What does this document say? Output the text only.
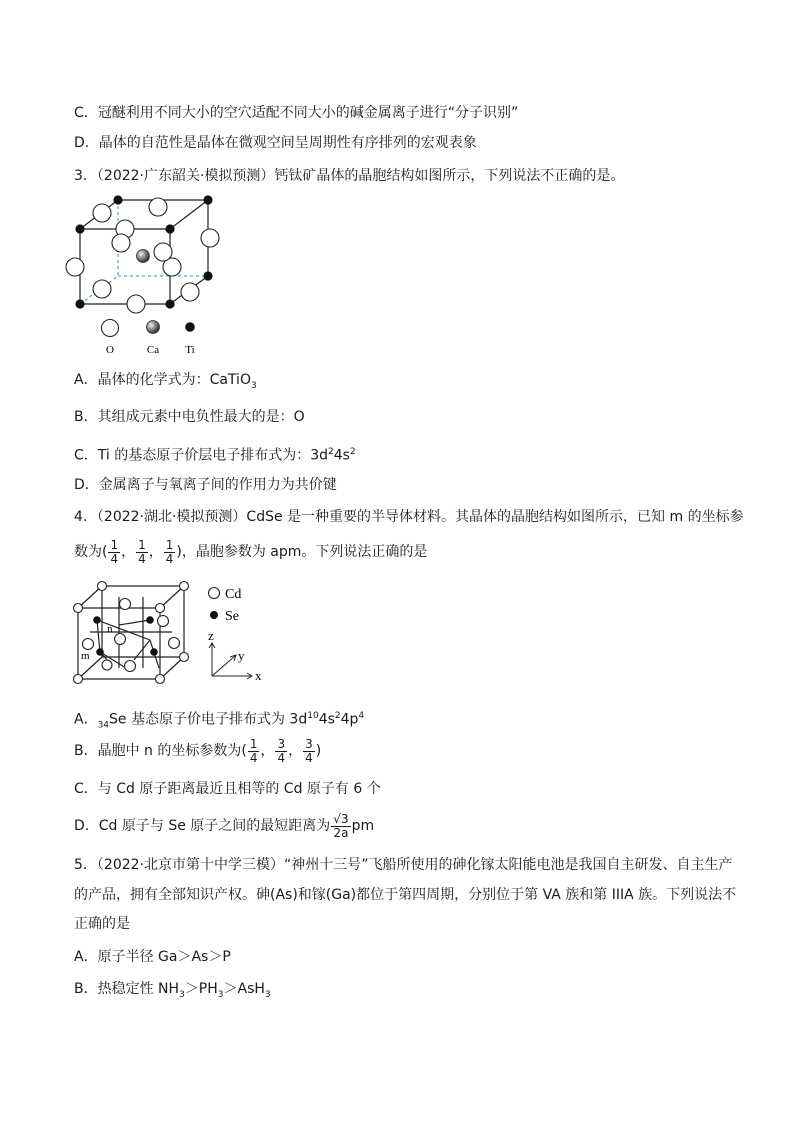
C．冠醚利用不同大小的空穴适配不同大小的碱金属离子进行“分子识别”
D．晶体的自范性是晶体在微观空间呈周期性有序排列的宏观表象
3．（2022·广东韶关·模拟预测）钙钛矿晶体的晶胞结构如图所示，下列说法不正确的是。
O	Ca Ti
A．晶体的化学式为：CaTiO$_3$
B．其组成元素中电负性最大的是：O
C．Ti 的基态原子价层电子排布式为：$3d^24s^2$
D．金属离子与氧离子间的作用力为共价键
4．（2022·湖北·模拟预测）CdSe 是一种重要的半导体材料。其晶体的晶胞结构如图所示，已知 m 的坐标参
数为( $\frac{1}{4}$ ， $\frac{1}{4}$ ， $\frac{1}{4}$ )，晶胞参数为 apm。下列说法正确的是
n
m
Cd
Se
z
y
x
A．$_{34}$Se 基态原子价电子排布式为 $3d^{10}4s^24p^4$
B．晶胞中 n 的坐标参数为( $\frac{1}{4}$ ， $\frac{3}{4}$ ， $\frac{3}{4}$ )
C．与 Cd 原子距离最近且相等的 Cd 原子有 6 个
D．Cd 原子与 Se 原子之间的最短距离为 $\frac{√3}{2a}$ pm
5．（2022·北京市第十中学三模）“神州十三号”飞船所使用的砷化镓太阳能电池是我国自主研发、自主生产
的产品，拥有全部知识产权。砷(As)和镓(Ga)都位于第四周期，分别位于第 VA 族和第 IIIA 族。下列说法不
正确的是
A．原子半径 Ga＞As＞P
B．热稳定性 $NH_3>PH_3>AsH_3$
